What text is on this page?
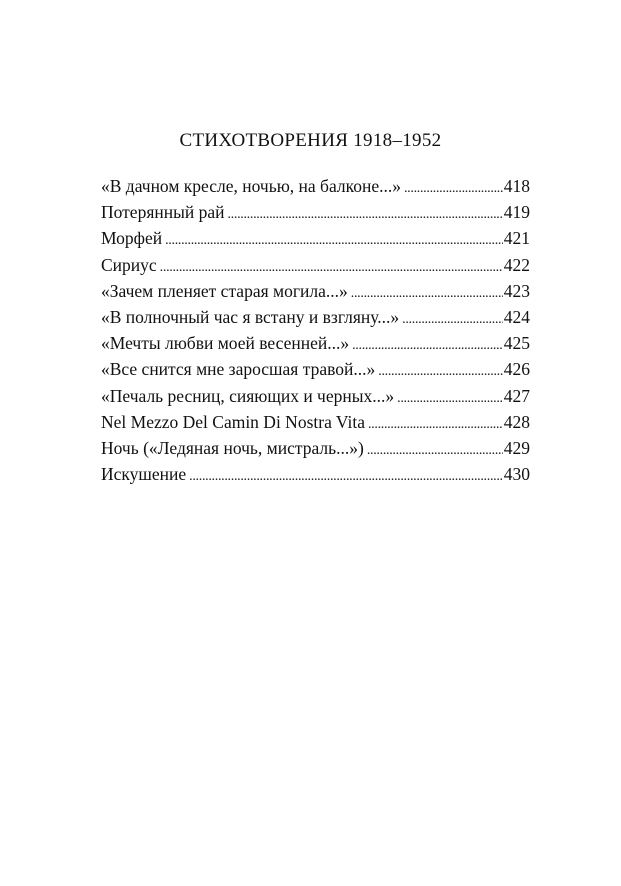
СТИХОТВОРЕНИЯ 1918–1952
«В дачном кресле, ночью, на балконе...» . . .	418
Потерянный рай . . .	419
Морфей . . .	421
Сириус . . .	422
«Зачем пленяет старая могила...» . . .	423
«В полночный час я встану и взгляну...» . . .	424
«Мечты любви моей весенней...» . . .	425
«Все снится мне заросшая травой...» . . .	426
«Печаль ресниц, сияющих и черных...» . . .	427
Nel Mezzo Del Camin Di Nostra Vita . . .	428
Ночь («Ледяная ночь, мистраль...») . . .	429
Искушение . . .	430
